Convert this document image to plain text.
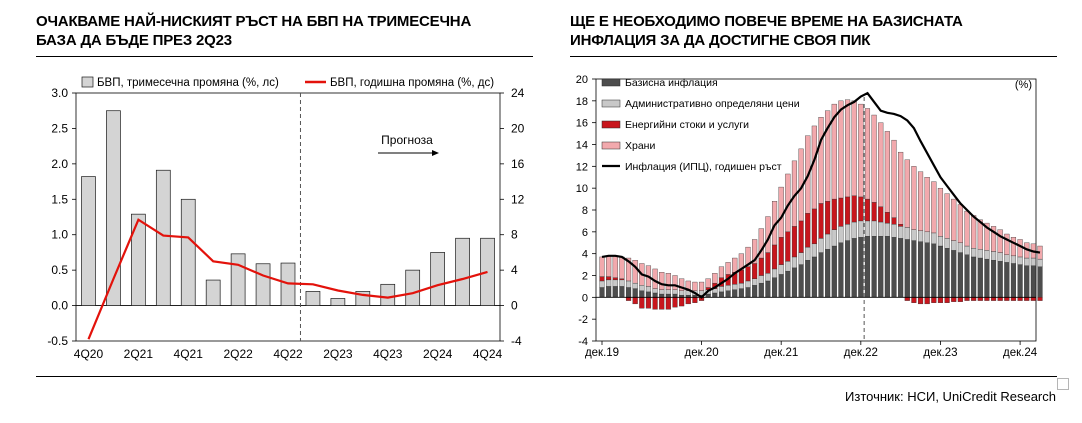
ОЧАКВАМЕ НАЙ-НИСКИЯТ РЪСТ НА БВП НА ТРИМЕСЕЧНА
БАЗА ДА БЪДЕ ПРЕЗ 2Q23
ЩЕ Е НЕОБХОДИМО ПОВЕЧЕ ВРЕМЕ НА БАЗИСНАТА
ИНФЛАЦИЯ ЗА ДА ДОСТИГНЕ СВОЯ ПИК
3.0
2.5
2.0
1.5
1.0
0.5
0.0
-0.5
24
20
16
12
8
4
0
-4
4Q20 2Q21 4Q21 2Q22 4Q22 2Q23 4Q23 2Q24 4Q24
БВП, тримесечна промяна (%, лс)	БВП, годишна промяна (%, дс)
Прогноза
20
18
16
14
12
10
8
6
4
2
0
-2
-4
(%)
дек.19	дек.20	дек.21	дек.22	дек.23	дек.24
Базисна инфлация
Административно определяни цени
Енергийни стоки и услуги
Храни
Инфлация (ИПЦ), годишен ръст
Източник: НСИ, UniCredit Research
